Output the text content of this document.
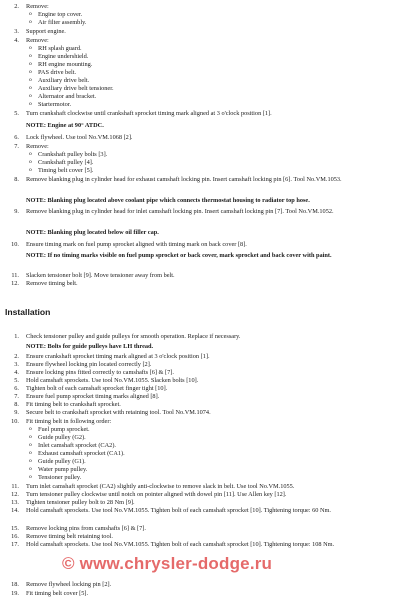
2. Remove:
o Engine top cover.
o Air filter assembly.
3. Support engine.
4. Remove:
o RH splash guard.
o Engine undershield.
o RH engine mounting.
o PAS drive belt.
o Auxiliary drive belt.
o Auxiliary drive belt tensioner.
o Alternator and bracket.
o Startermotor.
5. Turn crankshaft clockwise until crankshaft sprocket timing mark aligned at 3 o'clock position [1].
NOTE: Engine at 90° ATDC.
6. Lock flywheel. Use tool No.VM.1068 [2].
7. Remove:
o Crankshaft pulley bolts [3].
o Crankshaft pulley [4].
o Timing belt cover [5].
8. Remove blanking plug in cylinder head for exhaust camshaft locking pin. Insert camshaft locking pin [6]. Tool No.VM.1053.
NOTE: Blanking plug located above coolant pipe which connects thermostat housing to radiator top hose.
9. Remove blanking plug in cylinder head for inlet camshaft locking pin. Insert camshaft locking pin [7]. Tool No.VM.1052.
NOTE: Blanking plug located below oil filler cap.
10. Ensure timing mark on fuel pump sprocket aligned with timing mark on back cover [8].
NOTE: If no timing marks visible on fuel pump sprocket or back cover, mark sprocket and back cover with paint.
11. Slacken tensioner bolt [9]. Move tensioner away from belt.
12. Remove timing belt.
Installation
1. Check tensioner pulley and guide pulleys for smooth operation. Replace if necessary.
NOTE: Bolts for guide pulleys have LH thread.
2. Ensure crankshaft sprocket timing mark aligned at 3 o'clock position [1].
3. Ensure flywheel locking pin located correctly [2].
4. Ensure locking pins fitted correctly to camshafts [6] & [7].
5. Hold camshaft sprockets. Use tool No.VM.1055. Slacken bolts [10].
6. Tighten bolt of each camshaft sprocket finger tight [10].
7. Ensure fuel pump sprocket timing marks aligned [8].
8. Fit timing belt to crankshaft sprocket.
9. Secure belt to crankshaft sprocket with retaining tool. Tool No.VM.1074.
10. Fit timing belt in following order:
o Fuel pump sprocket.
o Guide pulley (G2).
o Inlet camshaft sprocket (CA2).
o Exhaust camshaft sprocket (CA1).
o Guide pulley (G1).
o Water pump pulley.
o Tensioner pulley.
11. Turn inlet camshaft sprocket (CA2) slightly anti-clockwise to remove slack in belt. Use tool No.VM.1055.
12. Turn tensioner pulley clockwise until notch on pointer aligned with dowel pin [11]. Use Allen key [12].
13. Tighten tensioner pulley bolt to 28 Nm [9].
14. Hold camshaft sprockets. Use tool No.VM.1055. Tighten bolt of each camshaft sprocket [10]. Tightening torque: 60 Nm.
15. Remove locking pins from camshafts [6] & [7].
16. Remove timing belt retaining tool.
17. Hold camshaft sprockets. Use tool No.VM.1055. Tighten bolt of each camshaft sprocket [10]. Tightening torque: 108 Nm.
18. Remove flywheel locking pin [2].
19. Fit timing belt cover [5].
© www.chrysler-dodge.ru
